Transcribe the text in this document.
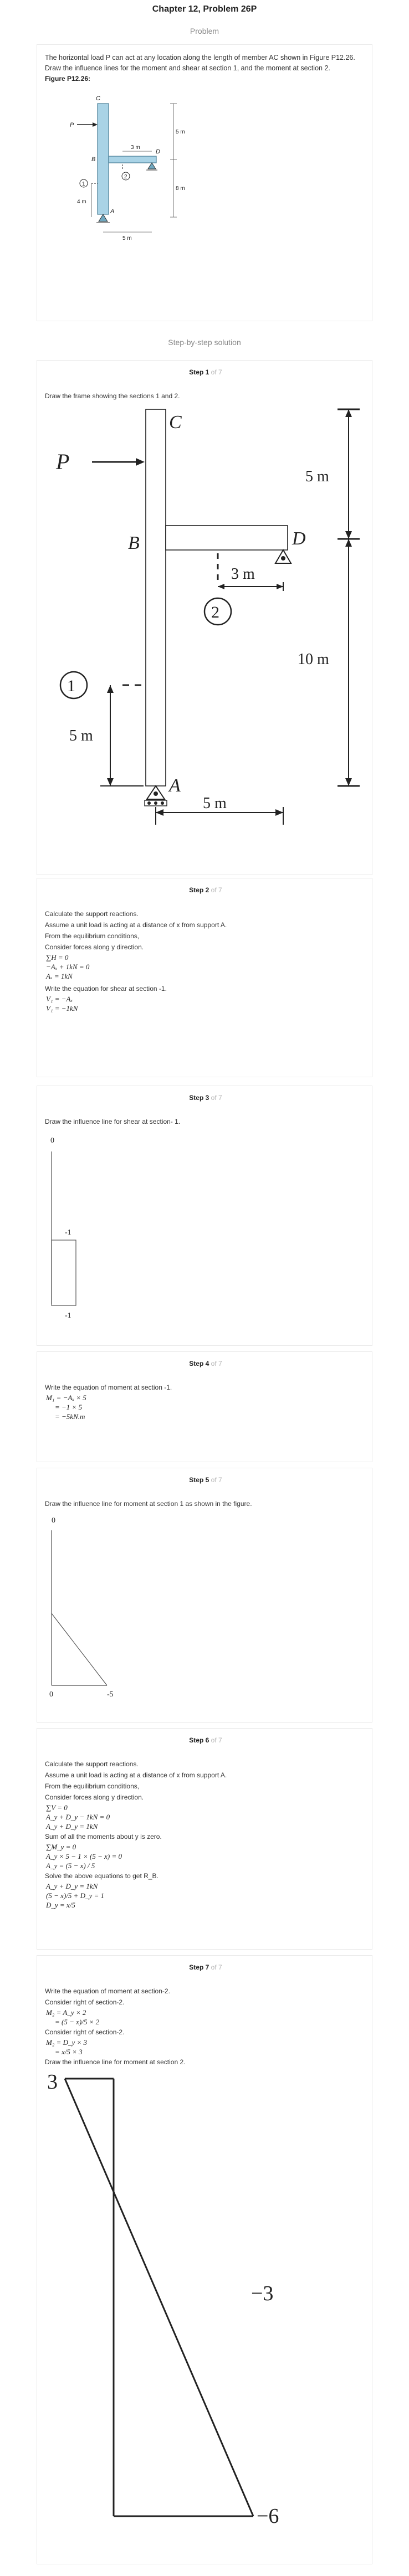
Chapter 12, Problem 26P
Problem
The horizontal load P can act at any location along the length of member AC shown in Figure P12.26. Draw the influence lines for the moment and shear at section 1, and the moment at section 2.
Figure P12.26:
C
P
B
D
A
1
2
5 m
3 m
8 m
4 m
5 m
Step-by-step solution
Step 1 of 7
Draw the frame showing the sections 1 and 2.
C
P
B	D
A
1
2
5 m
3 m
10 m
5 m
5 m
Step 2 of 7
Calculate the support reactions.
Assume a unit load is acting at a distance of x from support A.
From the equilibrium conditions,
Consider forces along y direction.
∑H = 0
−Aₓ + 1kN = 0
Aₓ = 1kN
Write the equation for shear at section -1.
V₁ = −Aₓ
V₁ = −1kN
Step 3 of 7
Draw the influence line for shear at section- 1.
0
-1
-1
Step 4 of 7
Write the equation of moment at section -1.
M₁ = −Aₓ × 5
= −1 × 5
= −5kN.m
Step 5 of 7
Draw the influence line for moment at section 1 as shown in the figure.
0
0	-5
Step 6 of 7
Calculate the support reactions.
Assume a unit load is acting at a distance of x from support A.
From the equilibrium conditions,
Consider forces along y direction.
∑V = 0
A_y + D_y − 1kN = 0
A_y + D_y = 1kN
Sum of all the moments about y is zero.
∑M_y = 0
A_y × 5 − 1 × (5 − x) = 0
A_y = (5 − x) / 5
Solve the above equations to get R_B.
A_y + D_y = 1kN
(5 − x)/5 + D_y = 1
D_y = x/5
Step 7 of 7
Write the equation of moment at section-2.
Consider right of section-2.
M₂ = A_y × 2
= (5 − x)/5 × 2
Consider right of section-2.
M₂ = D_y × 3
= x/5 × 3
Draw the influence line for moment at section 2.
3
−3
−6
